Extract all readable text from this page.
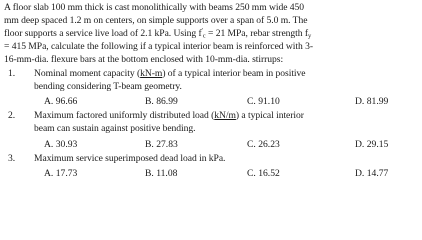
A floor slab 100 mm thick is cast monolithically with beams 250 mm wide 450
mm deep spaced 1.2 m on centers, on simple supports over a span of 5.0 m. The
floor supports a service live load of 2.1 kPa. Using $f'_c = 21$ MPa, rebar strength $f_y$
= 415 MPa, calculate the following if a typical interior beam is reinforced with 3-
16-mm-dia. flexure bars at the bottom enclosed with 10-mm-dia. stirrups:
1. Nominal moment capacity (kN-m) of a typical interior beam in positive
bending considering T-beam geometry.
A. 96.66	B. 86.99	C. 91.10	D. 81.99
2. Maximum factored uniformly distributed load (kN/m) a typical interior
beam can sustain against positive bending.
A. 30.93	B. 27.83	C. 26.23	D. 29.15
3. Maximum service superimposed dead load in kPa.
A. 17.73	B. 11.08	C. 16.52	D. 14.77
